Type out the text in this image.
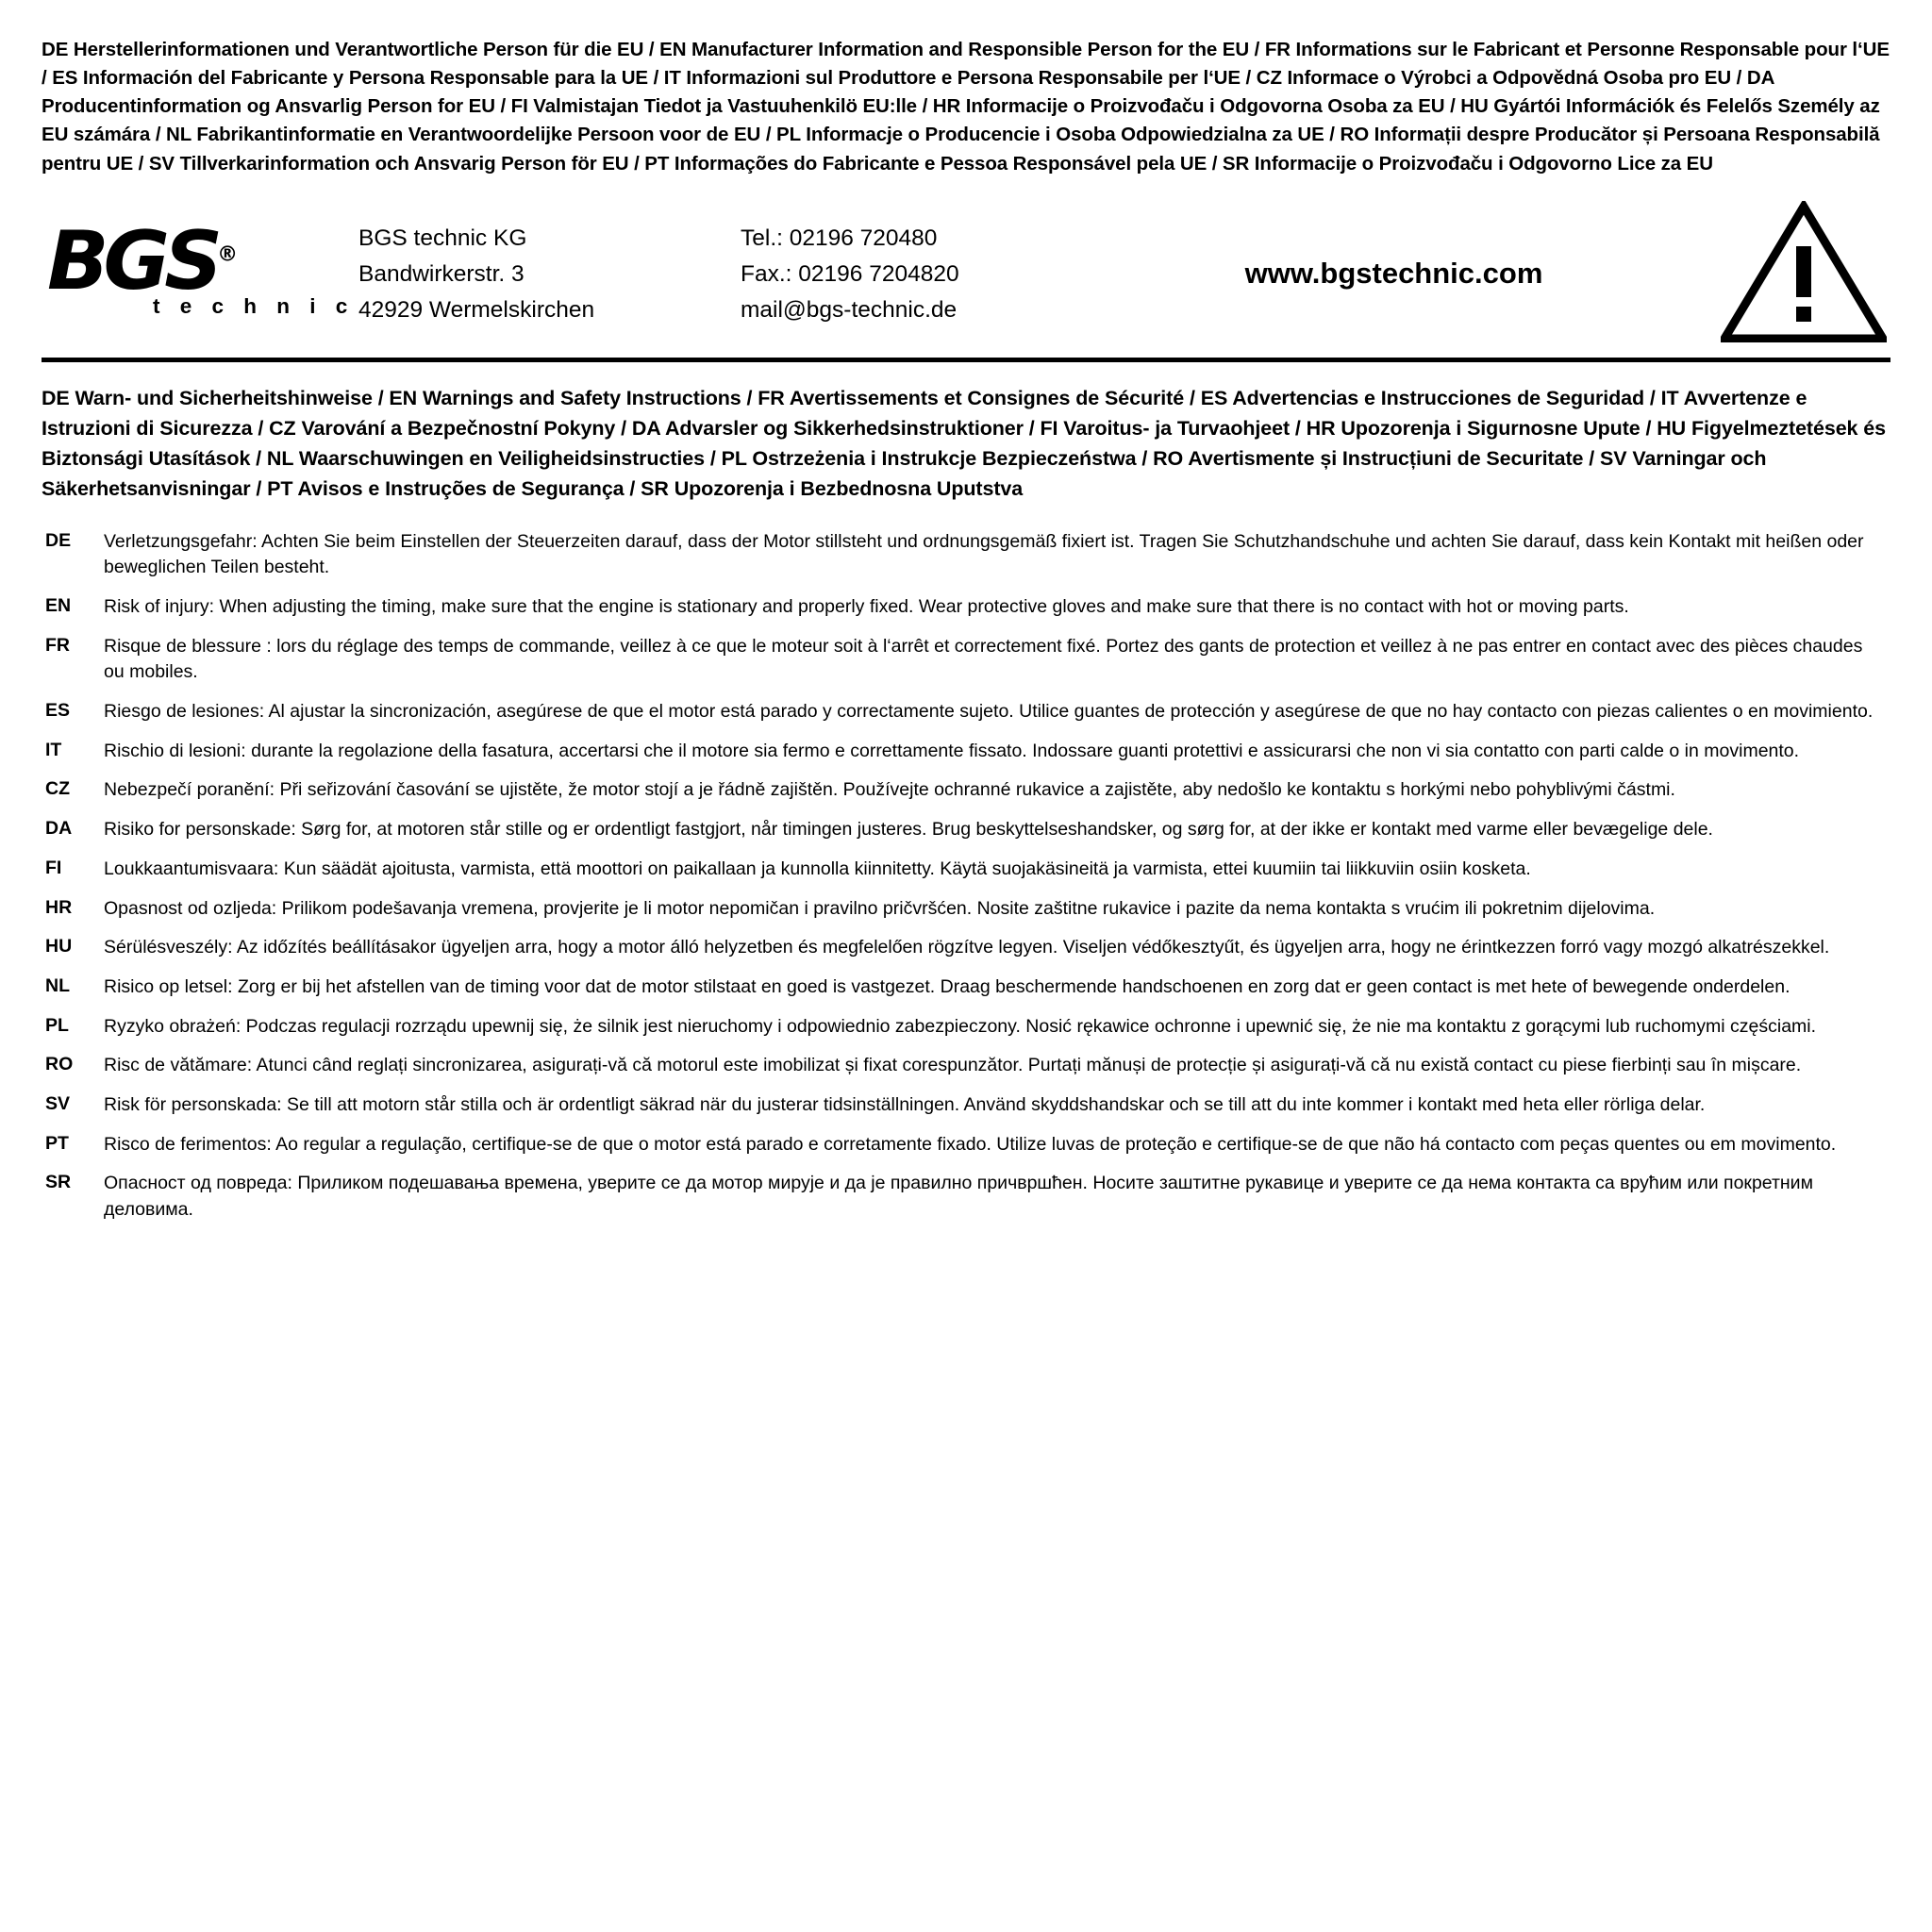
DE Herstellerinformationen und Verantwortliche Person für die EU / EN Manufacturer Information and Responsible Person for the EU / FR Informations sur le Fabricant et Personne Responsable pour l‘UE / ES Información del Fabricante y Persona Responsable para la UE / IT Informazioni sul Produttore e Persona Responsabile per l‘UE / CZ Informace o Výrobci a Odpovědná Osoba pro EU / DA Producentinformation og Ansvarlig Person for EU / FI Valmistajan Tiedot ja Vastuuhenkilö EU:lle / HR Informacije o Proizvođaču i Odgovorna Osoba za EU / HU Gyártói Információk és Felelős Személy az EU számára / NL Fabrikantinformatie en Verantwoordelijke Persoon voor de EU / PL Informacje o Producencie i Osoba Odpowiedzialna za UE / RO Informații despre Producător și Persoana Responsabilă pentru UE / SV Tillverkarinformation och Ansvarig Person för EU / PT Informações do Fabricante e Pessoa Responsável pela UE / SR Informacije o Proizvođaču i Odgovorno Lice za EU
BGS®
t e c h n i c
BGS technic KG
Bandwirkerstr. 3
42929 Wermelskirchen
Tel.: 02196 720480
Fax.: 02196 7204820
mail@bgs-technic.de
www.bgstechnic.com
DE Warn- und Sicherheitshinweise / EN Warnings and Safety Instructions / FR Avertissements et Consignes de Sécurité / ES Advertencias e Instrucciones de Seguridad / IT Avvertenze e Istruzioni di Sicurezza / CZ Varování a Bezpečnostní Pokyny / DA Advarsler og Sikkerhedsinstruktioner / FI Varoitus- ja Turvaohjeet / HR Upozorenja i Sigurnosne Upute / HU Figyelmeztetések és Biztonsági Utasítások / NL Waarschuwingen en Veiligheidsinstructies / PL Ostrzeżenia i Instrukcje Bezpieczeństwa / RO Avertismente și Instrucțiuni de Securitate / SV Varningar och Säkerhetsanvisningar / PT Avisos e Instruções de Segurança / SR Upozorenja i Bezbednosna Uputstva
DE	Verletzungsgefahr: Achten Sie beim Einstellen der Steuerzeiten darauf, dass der Motor stillsteht und ordnungsgemäß fixiert ist. Tragen Sie Schutzhandschuhe und achten Sie darauf, dass kein Kontakt mit heißen oder beweglichen Teilen besteht.
EN	Risk of injury: When adjusting the timing, make sure that the engine is stationary and properly fixed. Wear protective gloves and make sure that there is no contact with hot or moving parts.
FR	Risque de blessure : lors du réglage des temps de commande, veillez à ce que le moteur soit à l‘arrêt et correctement fixé. Portez des gants de protection et veillez à ne pas entrer en contact avec des pièces chaudes ou mobiles.
ES	Riesgo de lesiones: Al ajustar la sincronización, asegúrese de que el motor está parado y correctamente sujeto. Utilice guantes de protección y asegúrese de que no hay contacto con piezas calientes o en movimiento.
IT	Rischio di lesioni: durante la regolazione della fasatura, accertarsi che il motore sia fermo e correttamente fissato. Indossare guanti protettivi e assicurarsi che non vi sia contatto con parti calde o in movimento.
CZ	Nebezpečí poranění: Při seřizování časování se ujistěte, že motor stojí a je řádně zajištěn. Používejte ochranné rukavice a zajistěte, aby nedošlo ke kontaktu s horkými nebo pohyblivými částmi.
DA	Risiko for personskade: Sørg for, at motoren står stille og er ordentligt fastgjort, når timingen justeres. Brug beskyttelseshandsker, og sørg for, at der ikke er kontakt med varme eller bevægelige dele.
FI	Loukkaantumisvaara: Kun säädät ajoitusta, varmista, että moottori on paikallaan ja kunnolla kiinnitetty. Käytä suojakäsineitä ja varmista, ettei kuumiin tai liikkuviin osiin kosketa.
HR	Opasnost od ozljeda: Prilikom podešavanja vremena, provjerite je li motor nepomičan i pravilno pričvršćen. Nosite zaštitne rukavice i pazite da nema kontakta s vrućim ili pokretnim dijelovima.
HU	Sérülésveszély: Az időzítés beállításakor ügyeljen arra, hogy a motor álló helyzetben és megfelelően rögzítve legyen. Viseljen védőkesztyűt, és ügyeljen arra, hogy ne érintkezzen forró vagy mozgó alkatrészekkel.
NL	Risico op letsel: Zorg er bij het afstellen van de timing voor dat de motor stilstaat en goed is vastgezet. Draag beschermende handschoenen en zorg dat er geen contact is met hete of bewegende onderdelen.
PL	Ryzyko obrażeń: Podczas regulacji rozrządu upewnij się, że silnik jest nieruchomy i odpowiednio zabezpieczony. Nosić rękawice ochronne i upewnić się, że nie ma kontaktu z gorącymi lub ruchomymi częściami.
RO	Risc de vătămare: Atunci când reglați sincronizarea, asigurați-vă că motorul este imobilizat și fixat corespunzător. Purtați mănuși de protecție și asigurați-vă că nu există contact cu piese fierbinți sau în mișcare.
SV	Risk för personskada: Se till att motorn står stilla och är ordentligt säkrad när du justerar tidsinställningen. Använd skyddshandskar och se till att du inte kommer i kontakt med heta eller rörliga delar.
PT	Risco de ferimentos: Ao regular a regulação, certifique-se de que o motor está parado e corretamente fixado. Utilize luvas de proteção e certifique-se de que não há contacto com peças quentes ou em movimento.
SR	Опасност од повреда: Приликом подешавања времена, уверите се да мотор мирује и да је правилно причвршћен. Носите заштитне рукавице и уверите се да нема контакта са врућим или покретним деловима.
